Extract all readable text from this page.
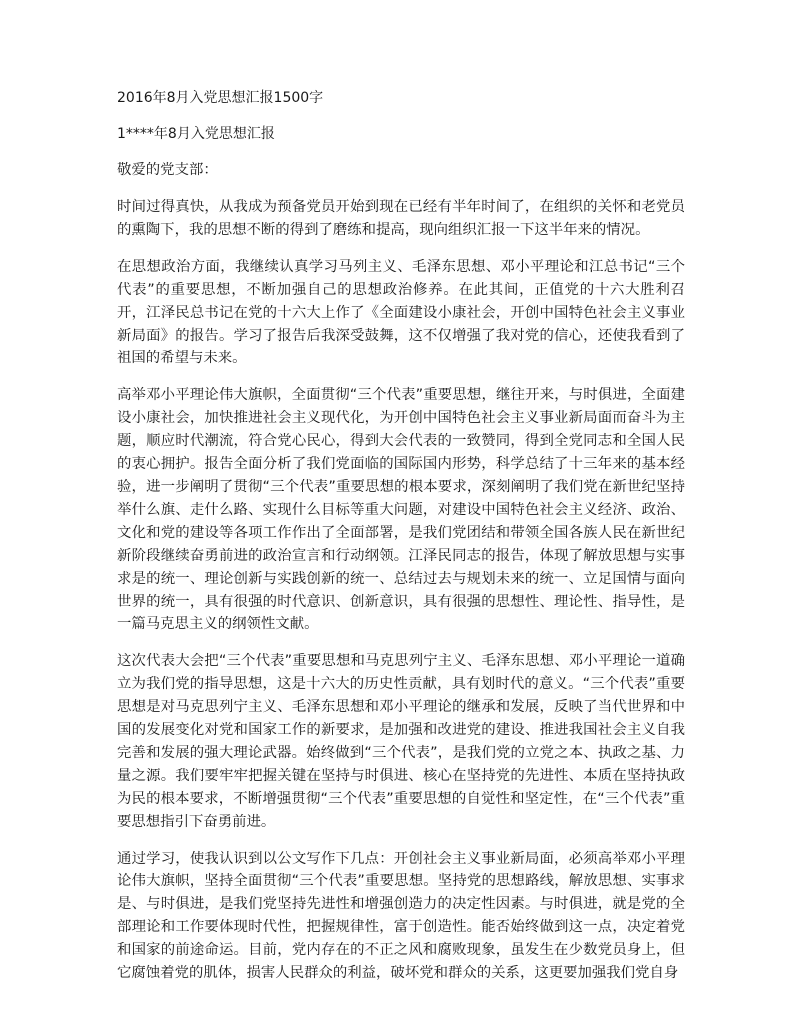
2016年8月入党思想汇报1500字

1****年8月入党思想汇报

敬爱的党支部：

时间过得真快，从我成为预备党员开始到现在已经有半年时间了，在组织的关怀和老党员的熏陶下，我的思想不断的得到了磨练和提高，现向组织汇报一下这半年来的情况。

在思想政治方面，我继续认真学习马列主义、毛泽东思想、邓小平理论和江总书记“三个代表”的重要思想，不断加强自己的思想政治修养。在此其间，正值党的十六大胜利召开，江泽民总书记在党的十六大上作了《全面建设小康社会，开创中国特色社会主义事业新局面》的报告。学习了报告后我深受鼓舞，这不仅增强了我对党的信心，还使我看到了祖国的希望与未来。

高举邓小平理论伟大旗帜，全面贯彻“三个代表”重要思想，继往开来，与时俱进，全面建设小康社会，加快推进社会主义现代化，为开创中国特色社会主义事业新局面而奋斗为主题，顺应时代潮流，符合党心民心，得到大会代表的一致赞同，得到全党同志和全国人民的衷心拥护。报告全面分析了我们党面临的国际国内形势，科学总结了十三年来的基本经验，进一步阐明了贯彻“三个代表”重要思想的根本要求，深刻阐明了我们党在新世纪坚持举什么旗、走什么路、实现什么目标等重大问题，对建设中国特色社会主义经济、政治、文化和党的建设等各项工作作出了全面部署，是我们党团结和带领全国各族人民在新世纪新阶段继续奋勇前进的政治宣言和行动纲领。江泽民同志的报告，体现了解放思想与实事求是的统一、理论创新与实践创新的统一、总结过去与规划未来的统一、立足国情与面向世界的统一，具有很强的时代意识、创新意识，具有很强的思想性、理论性、指导性，是一篇马克思主义的纲领性文献。

这次代表大会把“三个代表”重要思想和马克思列宁主义、毛泽东思想、邓小平理论一道确立为我们党的指导思想，这是十六大的历史性贡献，具有划时代的意义。“三个代表”重要思想是对马克思列宁主义、毛泽东思想和邓小平理论的继承和发展，反映了当代世界和中国的发展变化对党和国家工作的新要求，是加强和改进党的建设、推进我国社会主义自我完善和发展的强大理论武器。始终做到“三个代表”，是我们党的立党之本、执政之基、力量之源。我们要牢牢把握关键在坚持与时俱进、核心在坚持党的先进性、本质在坚持执政为民的根本要求，不断增强贯彻“三个代表”重要思想的自觉性和坚定性，在“三个代表”重要思想指引下奋勇前进。

通过学习，使我认识到以公文写作下几点：开创社会主义事业新局面，必须高举邓小平理论伟大旗帜，坚持全面贯彻“三个代表”重要思想。坚持党的思想路线，解放思想、实事求是、与时俱进，是我们党坚持先进性和增强创造力的决定性因素。与时俱进，就是党的全部理论和工作要体现时代性，把握规律性，富于创造性。能否始终做到这一点，决定着党和国家的前途命运。目前，党内存在的不正之风和腐败现象，虽发生在少数党员身上，但它腐蚀着党的肌体，损害人民群众的利益，破坏党和群众的关系，这更要加强我们党自身
